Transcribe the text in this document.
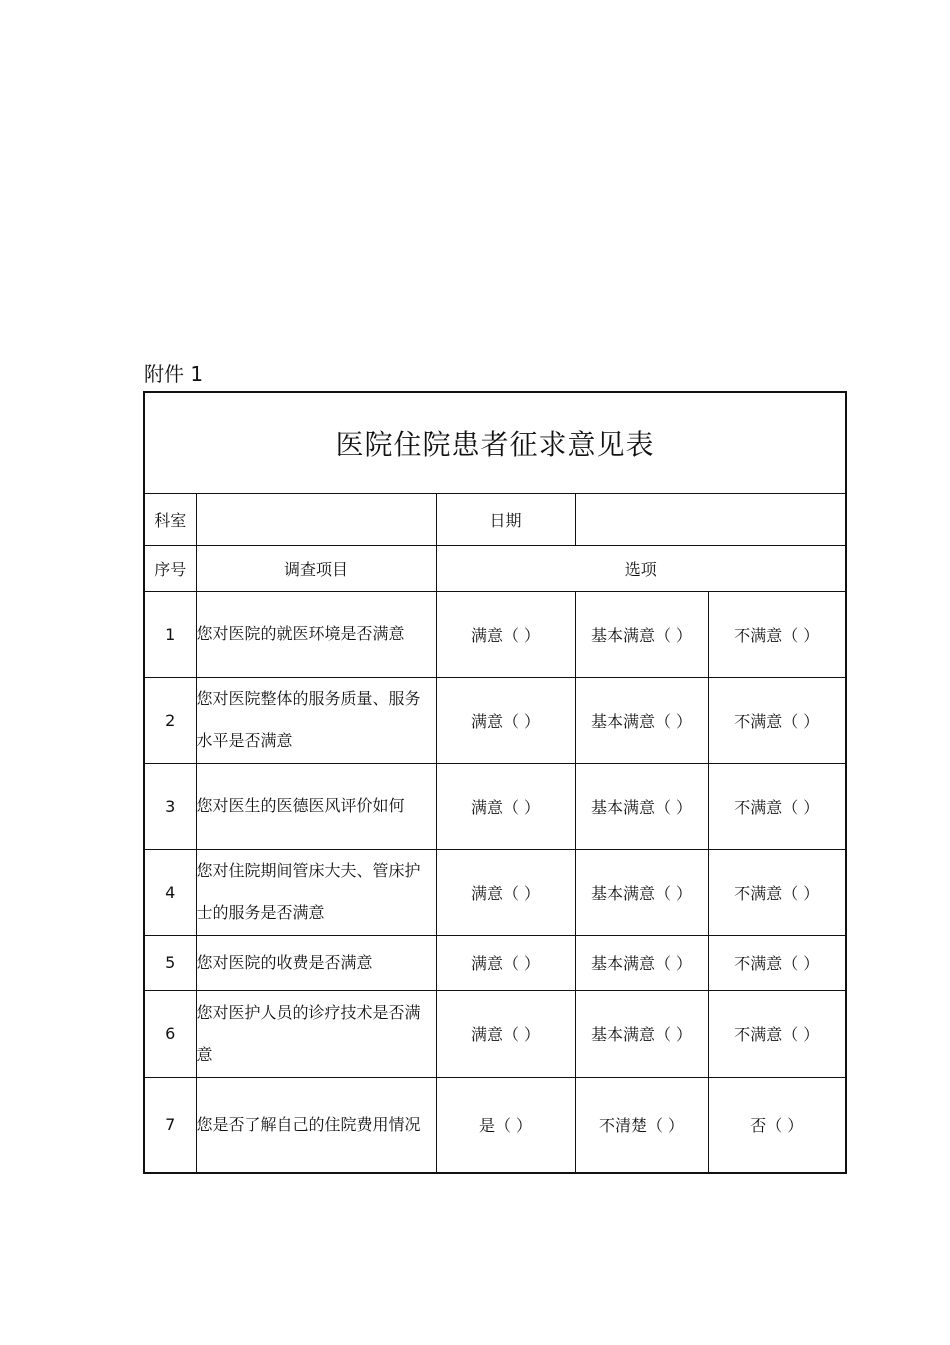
附件 1
医院住院患者征求意见表				
科室		日期		
序号	调查项目	选项		
1	您对医院的就医环境是否满意	满意（ ）	基本满意（ ）	不满意（ ）
2	您对医院整体的服务质量、服务水平是否满意	满意（ ）	基本满意（ ）	不满意（ ）
3	您对医生的医德医风评价如何	满意（ ）	基本满意（ ）	不满意（ ）
4	您对住院期间管床大夫、管床护士的服务是否满意	满意（ ）	基本满意（ ）	不满意（ ）
5	您对医院的收费是否满意	满意（ ）	基本满意（ ）	不满意（ ）
6	您对医护人员的诊疗技术是否满意	满意（ ）	基本满意（ ）	不满意（ ）
7	您是否了解自己的住院费用情况	是（ ）	不清楚（ ）	否（ ）
